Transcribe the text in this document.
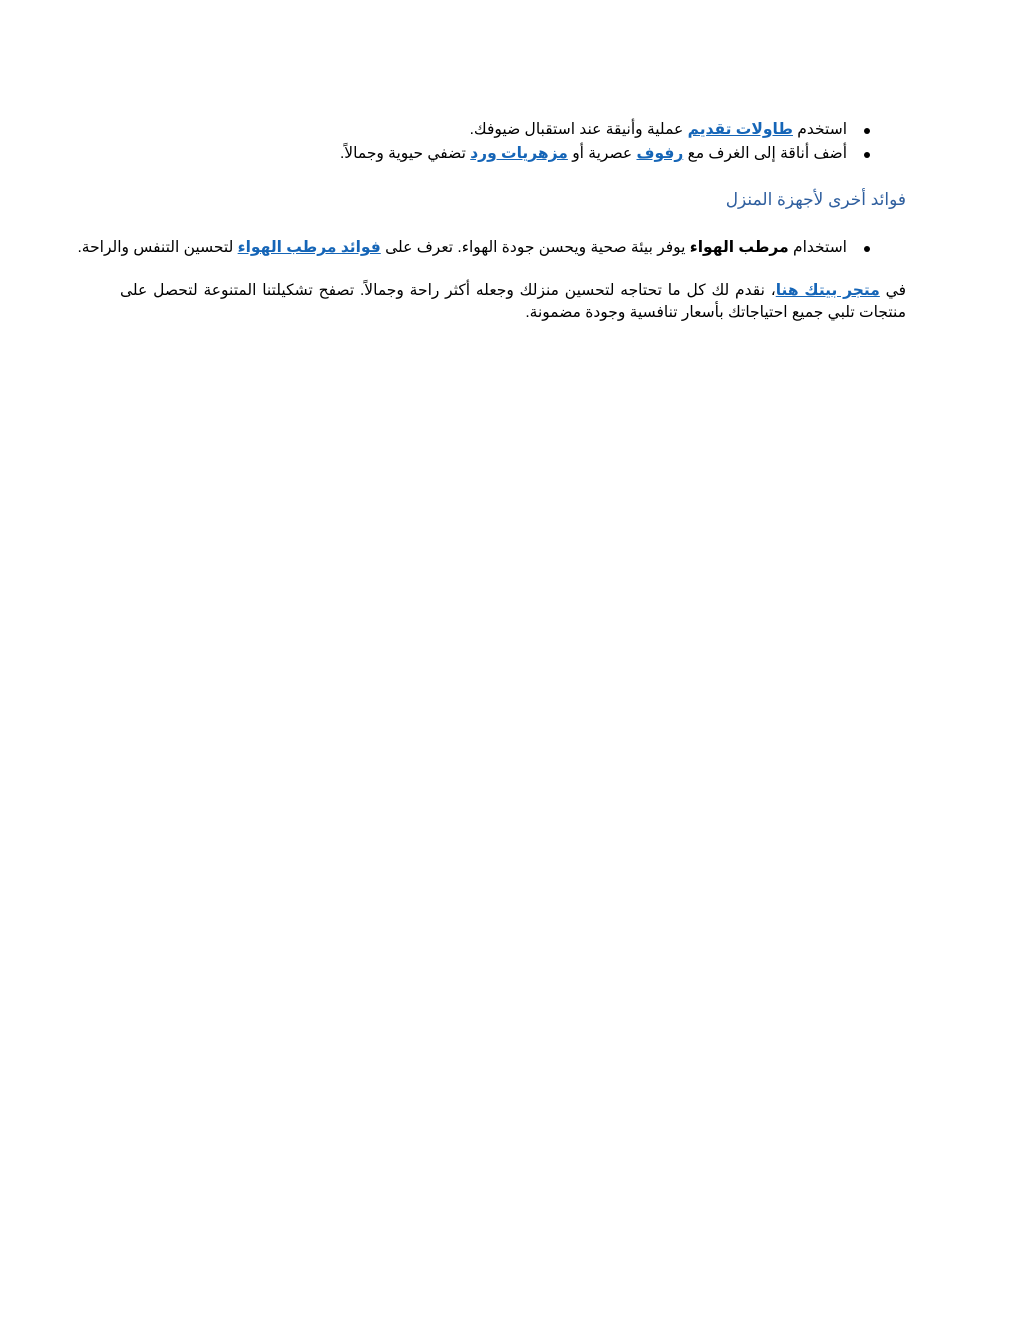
استخدم طاولات تقديم عملية وأنيقة عند استقبال ضيوفك.
أضف أناقة إلى الغرف مع رفوف عصرية أو مزهريات ورد تضفي حيوية وجمالاً.
فوائد أخرى لأجهزة المنزل
استخدام مرطب الهواء يوفر بيئة صحية ويحسن جودة الهواء. تعرف على فوائد مرطب الهواء لتحسين التنفس والراحة.

في متجر بيتك هنا، نقدم لك كل ما تحتاجه لتحسين منزلك وجعله أكثر راحة وجمالاً. تصفح تشكيلتنا المتنوعة لتحصل على منتجات تلبي جميع احتياجاتك بأسعار تنافسية وجودة مضمونة.
